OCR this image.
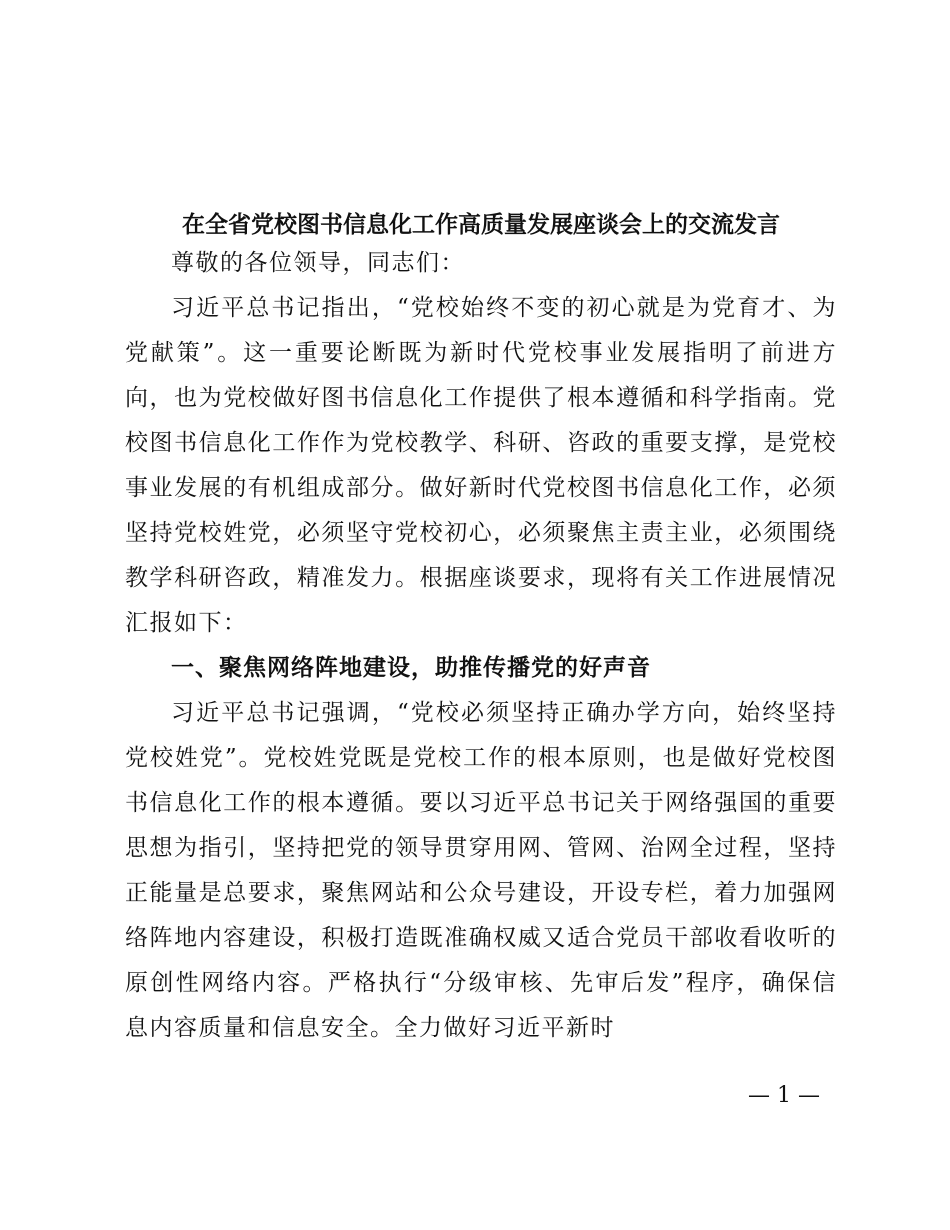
在全省党校图书信息化工作高质量发展座谈会上的交流发言

尊敬的各位领导，同志们：

习近平总书记指出，“党校始终不变的初心就是为党育才、为党献策”。这一重要论断既为新时代党校事业发展指明了前进方向，也为党校做好图书信息化工作提供了根本遵循和科学指南。党校图书信息化工作作为党校教学、科研、咨政的重要支撑，是党校事业发展的有机组成部分。做好新时代党校图书信息化工作，必须坚持党校姓党，必须坚守党校初心，必须聚焦主责主业，必须围绕教学科研咨政，精准发力。根据座谈要求，现将有关工作进展情况汇报如下：

一、聚焦网络阵地建设，助推传播党的好声音

习近平总书记强调，“党校必须坚持正确办学方向，始终坚持党校姓党”。党校姓党既是党校工作的根本原则，也是做好党校图书信息化工作的根本遵循。要以习近平总书记关于网络强国的重要思想为指引，坚持把党的领导贯穿用网、管网、治网全过程，坚持正能量是总要求，聚焦网站和公众号建设，开设专栏，着力加强网络阵地内容建设，积极打造既准确权威又适合党员干部收看收听的原创性网络内容。严格执行“分级审核、先审后发”程序，确保信息内容质量和信息安全。全力做好习近平新时

— 1 —
